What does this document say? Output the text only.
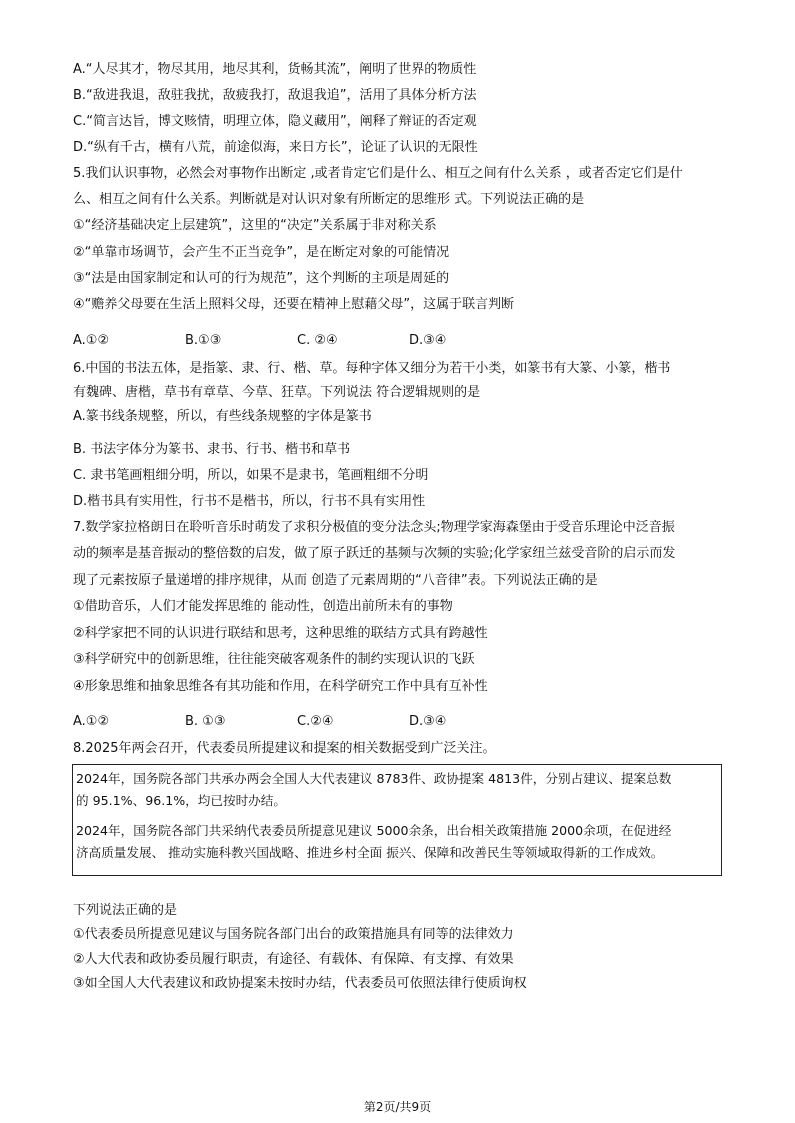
A.“人尽其才，物尽其用，地尽其利，货畅其流”，阐明了世界的物质性
B.“敌进我退，敌驻我扰，敌疲我打，敌退我追”，活用了具体分析方法
C.“简言达旨，博文赅情，明理立体，隐义藏用”，阐释了辩证的否定观
D.“纵有千古，横有八荒，前途似海，来日方长”，论证了认识的无限性
5.我们认识事物，必然会对事物作出断定 ,或者肯定它们是什么、相互之间有什么关系 ，或者否定它们是什
么、相互之间有什么关系。判断就是对认识对象有所断定的思维形 式。下列说法正确的是
①“经济基础决定上层建筑”，这里的“决定”关系属于非对称关系
②“单靠市场调节，会产生不正当竞争”，是在断定对象的可能情况
③“法是由国家制定和认可的行为规范”，这个判断的主项是周延的
④“赡养父母要在生活上照料父母，还要在精神上慰藉父母”，这属于联言判断
A.①②	B.①③	C. ②④	D.③④
6.中国的书法五体，是指篆、隶、行、楷、草。每种字体又细分为若干小类，如篆书有大篆、小篆，楷书
有魏碑、唐楷，草书有章草、今草、狂草。下列说法 符合逻辑规则的是
A.篆书线条规整，所以，有些线条规整的字体是篆书
B. 书法字体分为篆书、隶书、行书、楷书和草书
C. 隶书笔画粗细分明，所以，如果不是隶书，笔画粗细不分明
D.楷书具有实用性，行书不是楷书，所以，行书不具有实用性
7.数学家拉格朗日在聆听音乐时萌发了求积分极值的变分法念头;物理学家海森堡由于受音乐理论中泛音振
动的频率是基音振动的整倍数的启发，做了原子跃迁的基频与次频的实验;化学家纽兰兹受音阶的启示而发
现了元素按原子量递增的排序规律，从而 创造了元素周期的“八音律”表。下列说法正确的是
①借助音乐，人们才能发挥思维的 能动性，创造出前所未有的事物
②科学家把不同的认识进行联结和思考，这种思维的联结方式具有跨越性
③科学研究中的创新思维，往往能突破客观条件的制约实现认识的飞跃
④形象思维和抽象思维各有其功能和作用，在科学研究工作中具有互补性
A.①②	B. ①③	C.②④	D.③④
8.2025年两会召开，代表委员所提建议和提案的相关数据受到广泛关注。
2024年，国务院各部门共承办两会全国人大代表建议 8783件、政协提案 4813件，分别占建议、提案总数
的 95.1%、96.1%，均已按时办结。
2024年，国务院各部门共采纳代表委员所提意见建议 5000余条，出台相关政策措施 2000余项，在促进经
济高质量发展、 推动实施科教兴国战略、推进乡村全面 振兴、保障和改善民生等领域取得新的工作成效。
下列说法正确的是
①代表委员所提意见建议与国务院各部门出台的政策措施具有同等的法律效力
②人大代表和政协委员履行职责，有途径、有载体、有保障、有支撑、有效果
③如全国人大代表建议和政协提案未按时办结，代表委员可依照法律行使质询权
第2页/共9页
